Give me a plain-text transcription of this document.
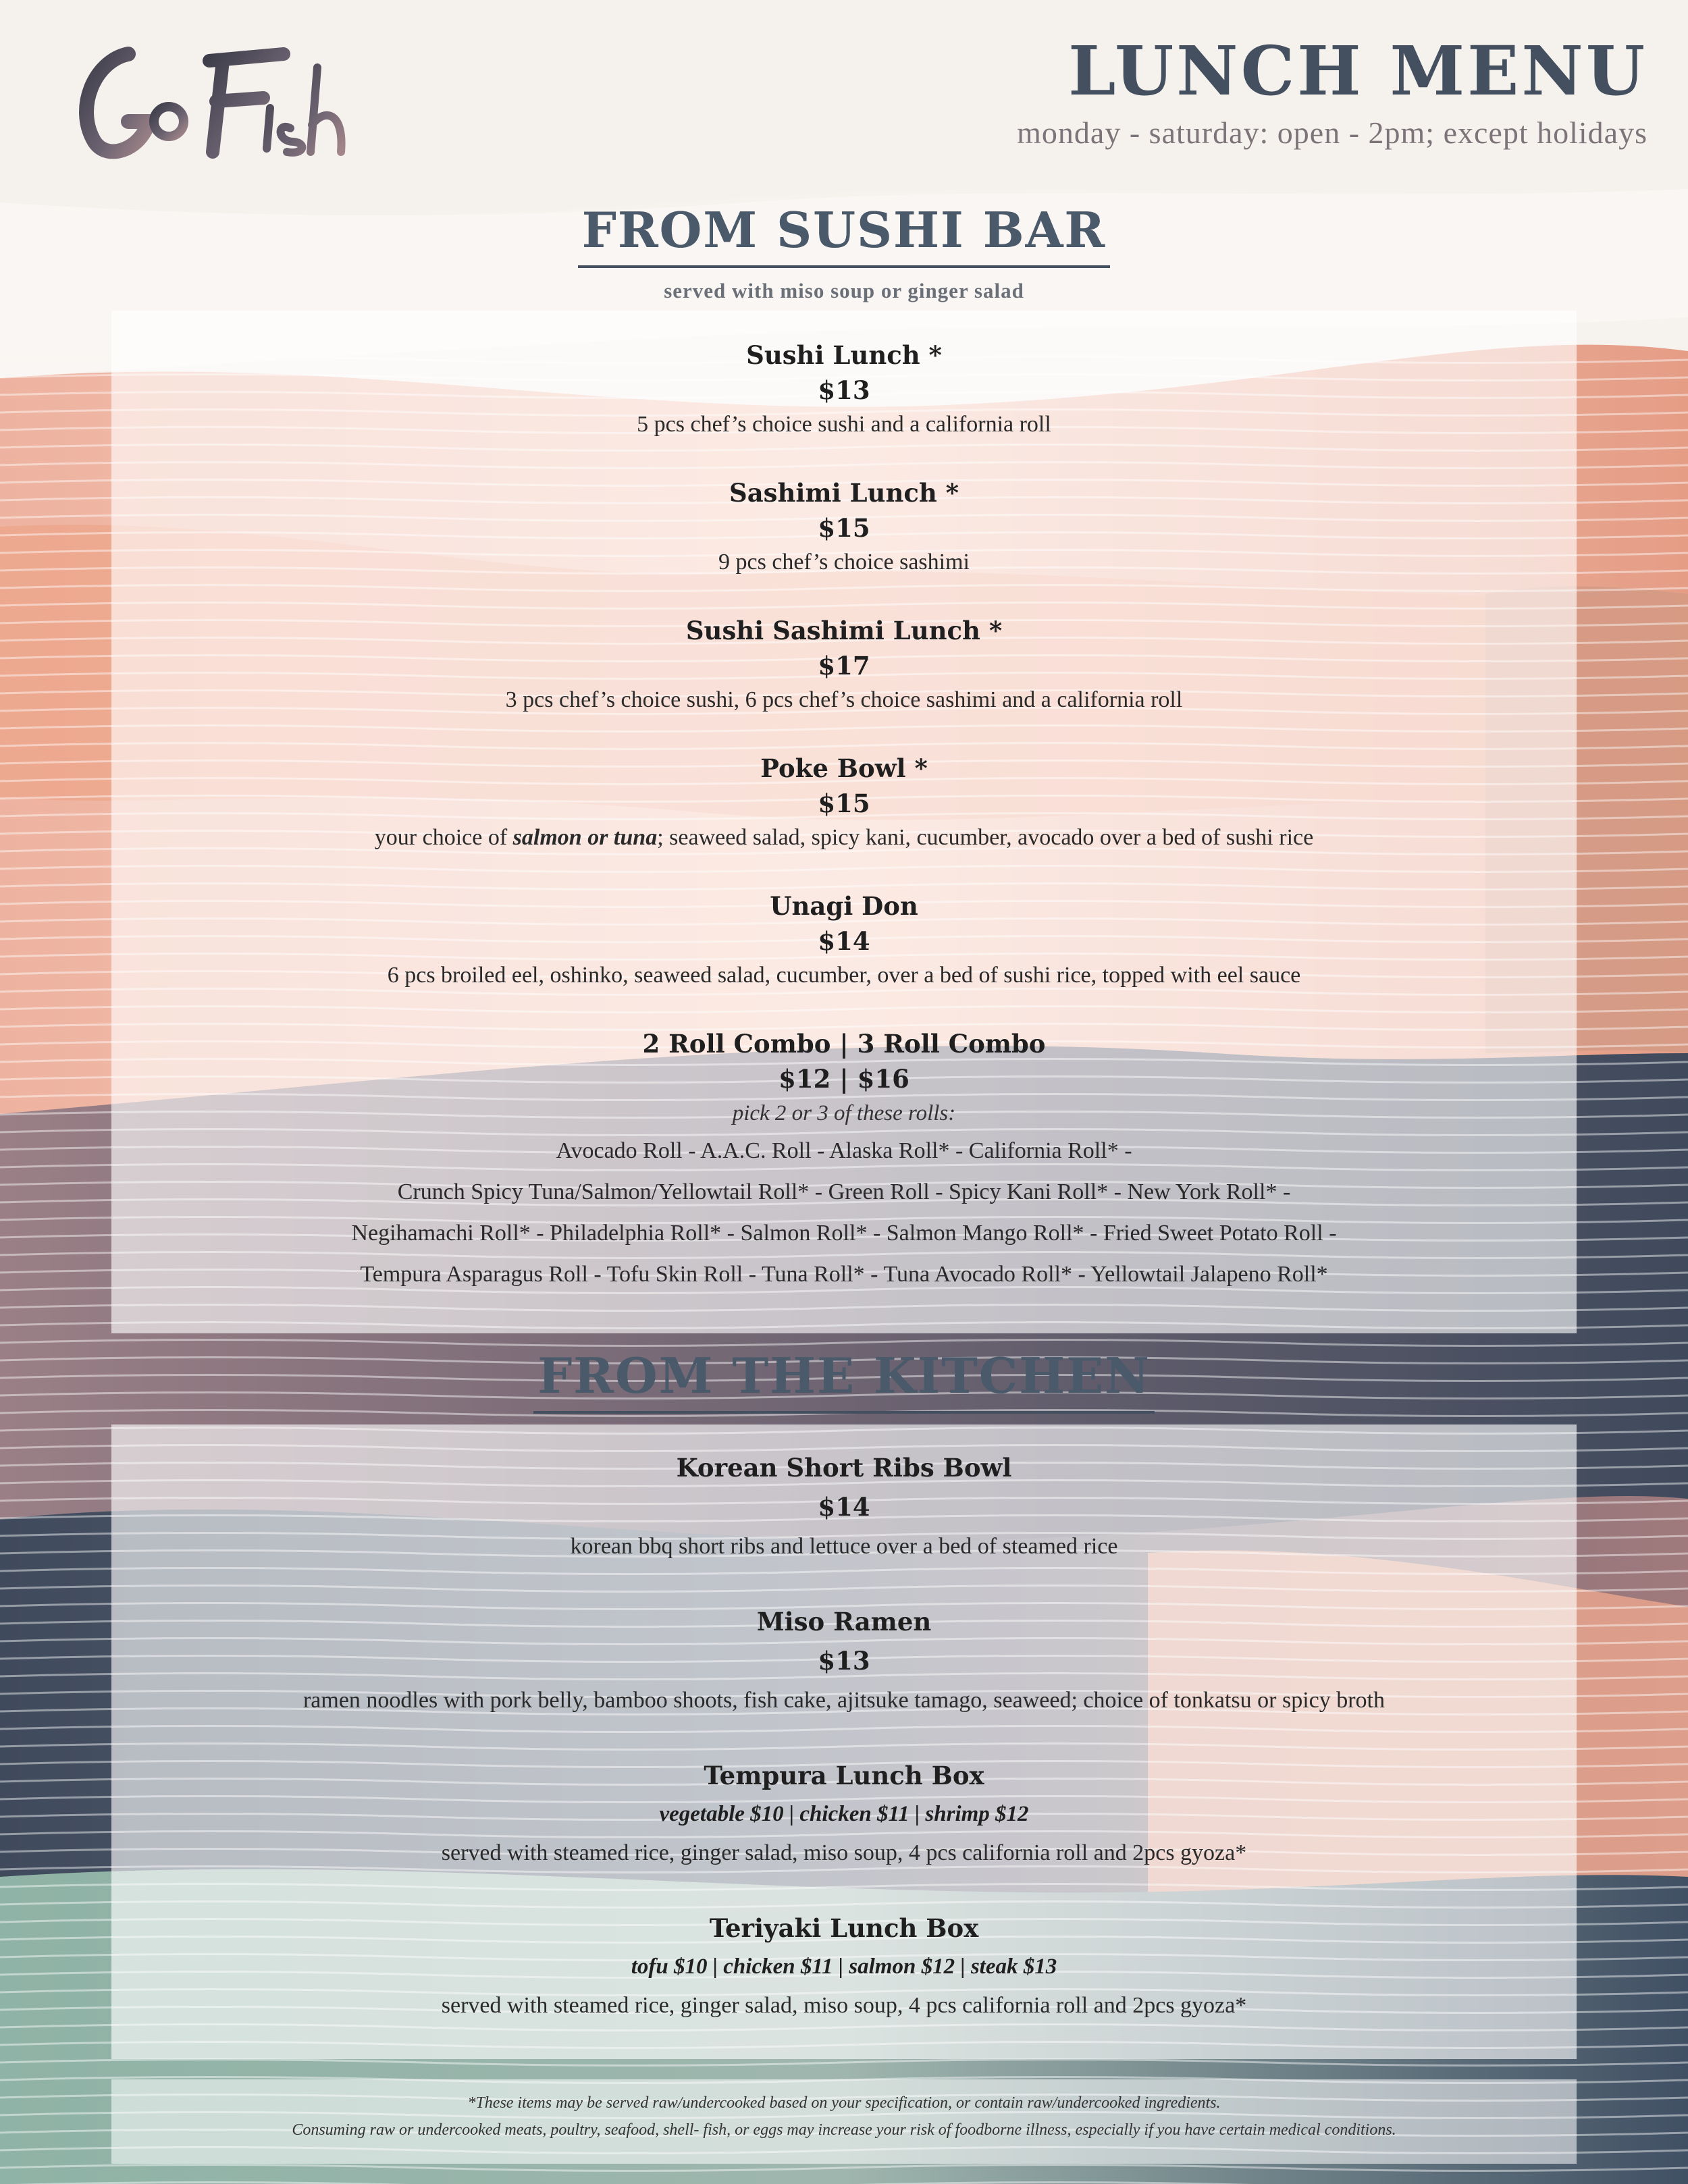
LUNCH MENU
monday - saturday: open - 2pm; except holidays
FROM SUSHI BAR
served with miso soup or ginger salad
Sushi Lunch *
$13
5 pcs chef’s choice sushi and a california roll
Sashimi Lunch *
$15
9 pcs chef’s choice sashimi
Sushi Sashimi Lunch *
$17
3 pcs chef’s choice sushi, 6 pcs chef’s choice sashimi and a california roll
Poke Bowl *
$15
your choice of salmon or tuna; seaweed salad, spicy kani, cucumber, avocado over a bed of sushi rice
Unagi Don
$14
6 pcs broiled eel, oshinko, seaweed salad, cucumber, over a bed of sushi rice, topped with eel sauce
2 Roll Combo | 3 Roll Combo
$12 | $16
pick 2 or 3 of these rolls:
Avocado Roll - A.A.C. Roll - Alaska Roll* - California Roll* -
Crunch Spicy Tuna/Salmon/Yellowtail Roll* - Green Roll - Spicy Kani Roll* - New York Roll* -
Negihamachi Roll* - Philadelphia Roll* - Salmon Roll* - Salmon Mango Roll* - Fried Sweet Potato Roll -
Tempura Asparagus Roll - Tofu Skin Roll - Tuna Roll* - Tuna Avocado Roll* - Yellowtail Jalapeno Roll*
FROM THE KITCHEN
Korean Short Ribs Bowl
$14
korean bbq short ribs and lettuce over a bed of steamed rice
Miso Ramen
$13
ramen noodles with pork belly, bamboo shoots, fish cake, ajitsuke tamago, seaweed; choice of tonkatsu or spicy broth
Tempura Lunch Box
vegetable $10 | chicken $11 | shrimp $12
served with steamed rice, ginger salad, miso soup, 4 pcs california roll and 2pcs gyoza*
Teriyaki Lunch Box
tofu $10 | chicken $11 | salmon $12 | steak $13
served with steamed rice, ginger salad, miso soup, 4 pcs california roll and 2pcs gyoza*
*These items may be served raw/undercooked based on your specification, or contain raw/undercooked ingredients.
Consuming raw or undercooked meats, poultry, seafood, shell- fish, or eggs may increase your risk of foodborne illness, especially if you have certain medical conditions.
